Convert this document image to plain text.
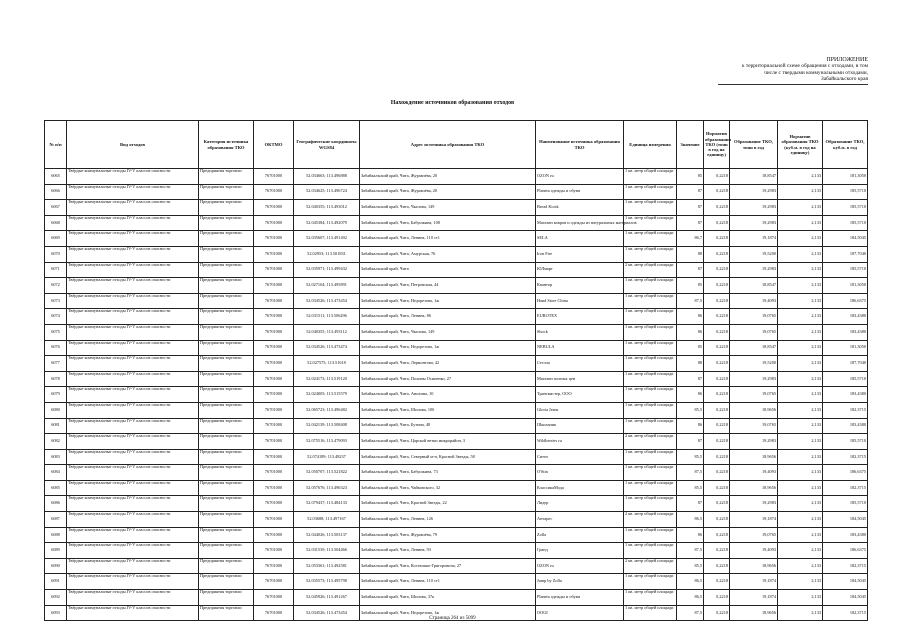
ПРИЛОЖЕНИЕ
к территориальной схеме обращения с отходами, в том
числе с твердыми коммунальными отходами,
Забайкальского края
Нахождение источников образования отходов
№ п/п	Вид отходов	Категория источника образования ТКО	ОКТМО	Географические координаты WGS84	Адрес источника образования ТКО	Наименование источника образования ТКО	Единица измерения	Значение	Норматив образования ТКО (тонн в год на единицу)	Образование ТКО, тонн в год	Норматив образования ТКО (куб.м. в год на единицу)	Образование ТКО, куб.м. в год
6065	Твёрдые коммунальные отходы IV-V классов опасности	Предприятия торговли	76701000	52.034663; 113.496888	Забайкальский край, Чита, Журавлёва, 20	OZON ru	1 кв. метр общей площади	85	0,2218	18,8547	2,133	181,3050
6066	Твёрдые коммунальные отходы IV-V классов опасности	Предприятия торговли	76701000	52.034625; 113.496724	Забайкальский край, Чита, Журавлёва, 20	Planeta одежды и обуви	1 кв. метр общей площади	87	0,2218	19,2983	2,133	185,5710
6067	Твёрдые коммунальные отходы IV-V классов опасности	Предприятия торговли	76701000	52.040355; 113.493012	Забайкальский край, Чита, Чкалова, 149	Bread Kiosk	1 кв. метр общей площади	87	0,2218	19,2983	2,133	185,5710
6068	Твёрдые коммунальные отходы IV-V классов опасности	Предприятия торговли	76701000	52.045384; 113.492079	Забайкальский край, Чита, Бабушкина, 108	Магазин ковров и одежды из натуральных материалов	1 кв. метр общей площади	87	0,2218	19,2983	2,133	185,5710
6069	Твёрдые коммунальные отходы IV-V классов опасности	Предприятия торговли	76701000	52.035607; 113.491492	Забайкальский край, Чита, Ленина, 110 ст1	SELA	1 кв. метр общей площади	86,7	0,2218	19,1874	2,133	184,5045
6070	Твёрдые коммунальные отходы IV-V классов опасности	Предприятия торговли	76701000	52.02953; 113.501831	Забайкальский край, Чита, Амурская, 76	Iron Fire	1 кв. метр общей площади	88	0,2218	19,5200	2,133	187,7040
6071	Твёрдые коммунальные отходы IV-V классов опасности	Предприятия торговли	76701000	52.035971; 113.499432	Забайкальский край, Чита	ЮЛмарт	2 кв. метр общей площади	87	0,2218	19,2983	2,133	185,5710
6072	Твёрдые коммунальные отходы IV-V классов опасности	Предприятия торговли	76701000	52.027104; 113.495891	Забайкальский край, Чита, Петровская, 44	Квантор	1 кв. метр общей площади	85	0,2218	18,8547	2,133	181,3050
6073	Твёрдые коммунальные отходы IV-V классов опасности	Предприятия торговли	76701000	52.034526; 113.473454	Забайкальский край, Чита, Недорезова, 1ж	Hand Store China	1 кв. метр общей площади	87,5	0,2218	19,4093	2,133	186,6375
6074	Твёрдые коммунальные отходы IV-V классов опасности	Предприятия торговли	76701000	52.031511; 113.506296	Забайкальский край, Чита, Ленина, 86	EUROTEX	1 кв. метр общей площади	86	0,2218	19,0765	2,133	183,4380
6075	Твёрдые коммунальные отходы IV-V классов опасности	Предприятия торговли	76701000	52.040355; 113.493112	Забайкальский край, Чита, Чкалова, 149	Shock	1 кв. метр общей площади	86	0,2218	19,0765	2,133	183,4380
6076	Твёрдые коммунальные отходы IV-V классов опасности	Предприятия торговли	76701000	52.034526; 113.473474	Забайкальский край, Чита, Недорезова, 1ж	NEBULA	1 кв. метр общей площади	85	0,2218	18,8547	2,133	181,3050
6077	Твёрдые коммунальные отходы IV-V классов опасности	Предприятия торговли	76701000	52.027575; 113.51618	Забайкальский край, Чита, Лермонтова, 42	Стелла	1 кв. метр общей площади	88	0,2218	19,5200	2,133	187,7040
6078	Твёрдые коммунальные отходы IV-V классов опасности	Предприятия торговли	76701000	52.024173; 113.519120	Забайкальский край, Чита, Полины Осипенко, 27	Магазин полных цен	1 кв. метр общей площади	87	0,2218	19,2983	2,133	185,5710
6079	Твёрдые коммунальные отходы IV-V классов опасности	Предприятия торговли	76701000	52.024005; 113.515579	Забайкальский край, Чита, Анохина, 10	Трансмастер, ООО	1 кв. метр общей площади	86	0,2218	19,0765	2,133	183,4380
6080	Твёрдые коммунальные отходы IV-V классов опасности	Предприятия торговли	76701000	52.065723; 113.496482	Забайкальский край, Чита, Шилова, 100	Gloria Jeans	1 кв. метр общей площади	85,5	0,2218	18,9656	2,133	182,3715
6081	Твёрдые коммунальные отходы IV-V классов опасности	Предприятия торговли	76701000	52.042139; 113.508408	Забайкальский край, Чита, Бутина, 48	Школьник	1 кв. метр общей площади	86	0,2218	19,0765	2,133	183,4380
6082	Твёрдые коммунальные отходы IV-V классов опасности	Предприятия торговли	76701000	52.075516; 113.479093	Забайкальский край, Чита, Царской ветки микрорайон, 3	Wildberries ru	2 кв. метр общей площади	87	0,2218	19,2983	2,133	185,5710
6083	Твёрдые коммунальные отходы IV-V классов опасности	Предприятия торговли	76701000	52.074189; 113.48237	Забайкальский край, Чита, Северный м-н, Красной Звезды, 58	Ситео	1 кв. метр общей площади	85,5	0,2218	18,9656	2,133	182,3715
6084	Твёрдые коммунальные отходы IV-V классов опасности	Предприятия торговли	76701000	52.050707; 113.521822	Забайкальский край, Чита, Бабушкина, 73	О'Stin	1 кв. метр общей площади	87,5	0,2218	19,4093	2,133	186,6375
6085	Твёрдые коммунальные отходы IV-V классов опасности	Предприятия торговли	76701000	52.057676; 113.496323	Забайкальский край, Чита, Чайковского, 32	КлассикаМода	1 кв. метр общей площади	85,5	0,2218	18,9656	2,133	182,3715
6086	Твёрдые коммунальные отходы IV-V классов опасности	Предприятия торговли	76701000	52.079437; 113.484133	Забайкальский край, Чита, Красной Звезды, 22	Лидер	1 кв. метр общей площади	87	0,2218	19,2983	2,133	185,5710
6087	Твёрдые коммунальные отходы IV-V классов опасности	Предприятия торговли	76701000	52.03688; 113.497167	Забайкальский край, Чита, Ленина, 126	Антарес	2 кв. метр общей площади	86,5	0,2218	19,1874	2,133	184,5045
6088	Твёрдые коммунальные отходы IV-V классов опасности	Предприятия торговли	76701000	52.044026; 113.503137	Забайкальский край, Чита, Журавлёва, 79	Zolla	1 кв. метр общей площади	86	0,2218	19,0765	2,133	183,4380
6089	Твёрдые коммунальные отходы IV-V классов опасности	Предприятия торговли	76701000	52.031539; 113.504466	Забайкальский край, Чита, Ленина, 93	Гранд	1 кв. метр общей площади	87,5	0,2218	19,4093	2,133	186,6375
6090	Твёрдые коммунальные отходы IV-V классов опасности	Предприятия торговли	76701000	52.053361; 113.492581	Забайкальский край, Чита, Костюшко-Григоровича, 27	OZON ru	2 кв. метр общей площади	85,5	0,2218	18,9656	2,133	182,3715
6091	Твёрдые коммунальные отходы IV-V классов опасности	Предприятия торговли	76701000	52.035573; 113.495798	Забайкальский край, Чита, Ленина, 110 ст1	Jump by Zolla	1 кв. метр общей площади	86,5	0,2218	19,1874	2,133	184,5045
6092	Твёрдые коммунальные отходы IV-V классов опасности	Предприятия торговли	76701000	52.045926; 113.491267	Забайкальский край, Чита, Шилова, 37к	Planeta одежды и обуви	1 кв. метр общей площади	86,5	0,2218	19,1874	2,133	184,5045
6093	Твёрдые коммунальные отходы IV-V классов опасности	Предприятия торговли	76701000	52.034526; 113.473454	Забайкальский край, Чита, Недорезова, 1ж	OOGI	1 кв. метр общей площади	87,5	0,2218	18,9656	2,133	182,3715
Страница 264 из 5099
